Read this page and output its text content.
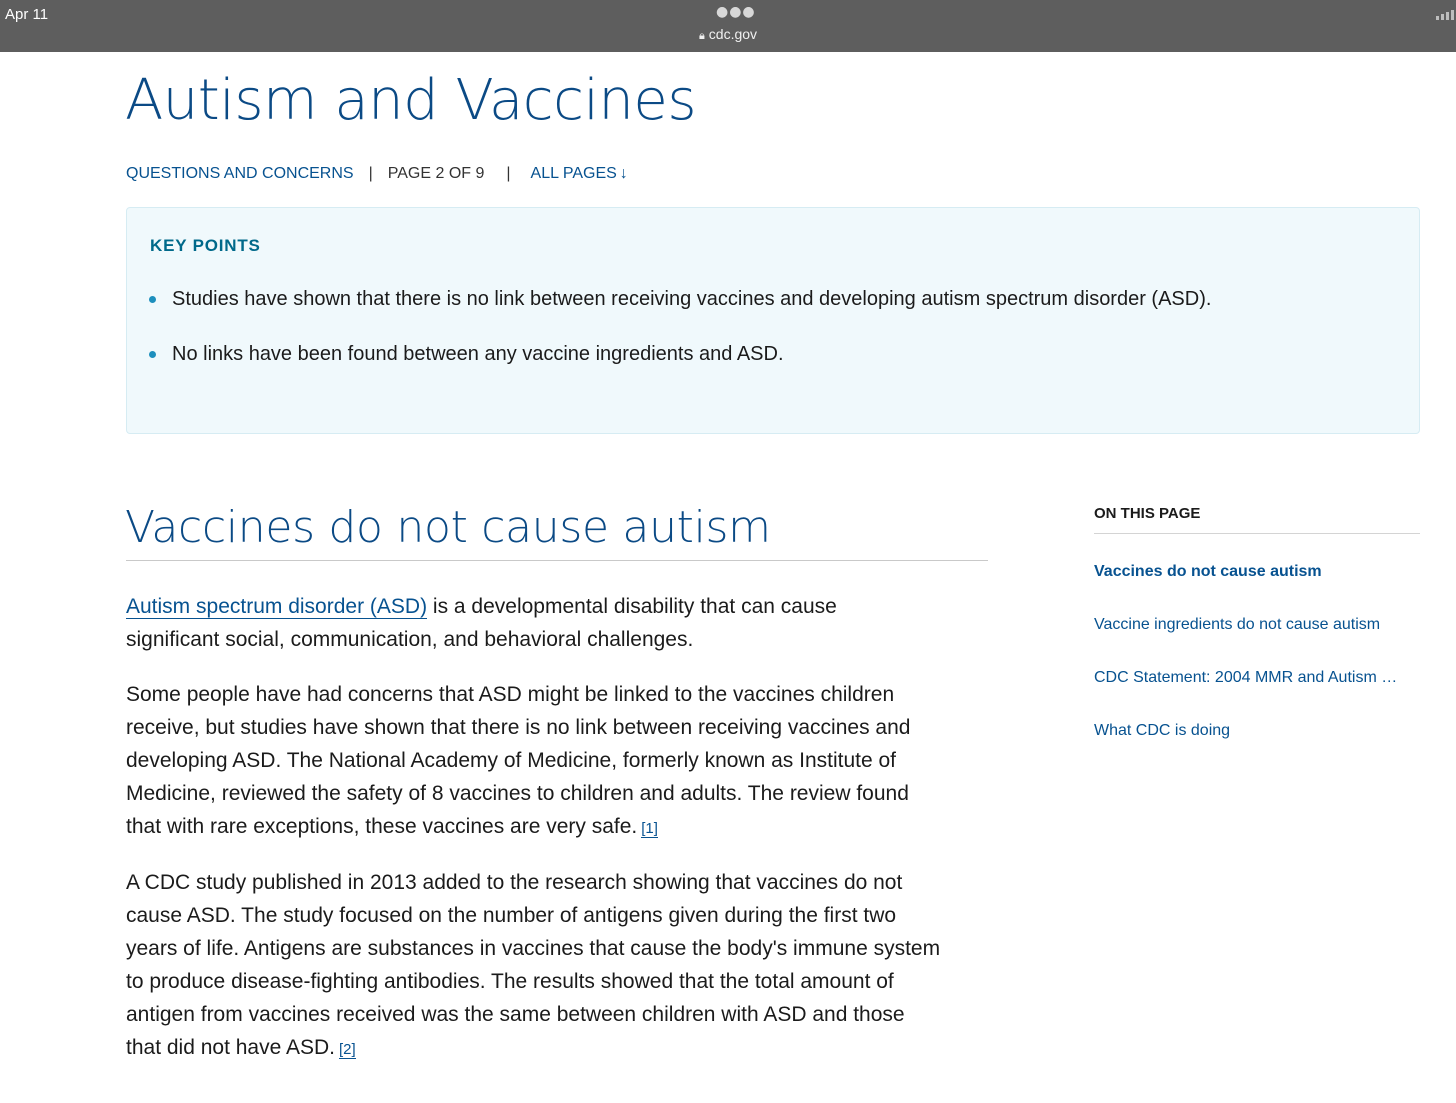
Apr 11	●●●
🔒︎ cdc.gov
Autism and Vaccines
QUESTIONS AND CONCERNS | PAGE 2 OF 9 | ALL PAGES ↓
KEY POINTS
Studies have shown that there is no link between receiving vaccines and developing autism spectrum disorder (ASD).
No links have been found between any vaccine ingredients and ASD.
Vaccines do not cause autism
Autism spectrum disorder (ASD) is a developmental disability that can cause
significant social, communication, and behavioral challenges.
Some people have had concerns that ASD might be linked to the vaccines children
receive, but studies have shown that there is no link between receiving vaccines and
developing ASD. The National Academy of Medicine, formerly known as Institute of
Medicine, reviewed the safety of 8 vaccines to children and adults. The review found
that with rare exceptions, these vaccines are very safe. [1]
A CDC study published in 2013 added to the research showing that vaccines do not
cause ASD. The study focused on the number of antigens given during the first two
years of life. Antigens are substances in vaccines that cause the body's immune system
to produce disease-fighting antibodies. The results showed that the total amount of
antigen from vaccines received was the same between children with ASD and those
that did not have ASD. [2]
ON THIS PAGE
Vaccines do not cause autism
Vaccine ingredients do not cause autism
CDC Statement: 2004 MMR and Autism …
What CDC is doing
